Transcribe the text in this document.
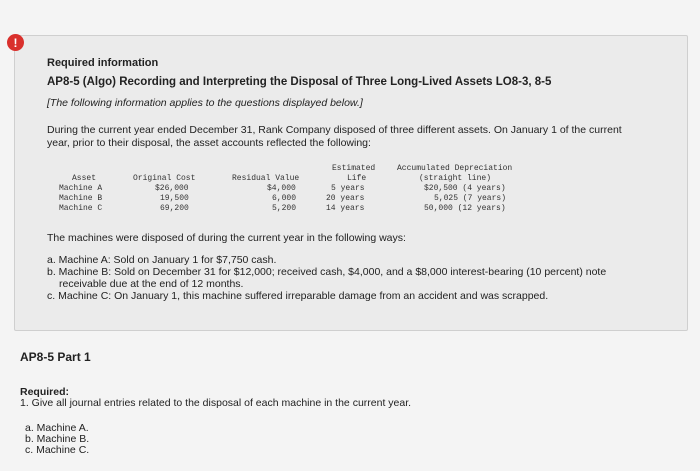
!
Required information
AP8-5 (Algo) Recording and Interpreting the Disposal of Three Long-Lived Assets LO8-3, 8-5
[The following information applies to the questions displayed below.]
During the current year ended December 31, Rank Company disposed of three different assets. On January 1 of the current year, prior to their disposal, the asset accounts reflected the following:
Estimated	Accumulated Depreciation
Asset	Original Cost	Residual Value	Life	(straight line)
Machine A	$26,000	$4,000	5 years	$20,500 (4 years)
Machine B	19,500	6,000	20 years	5,025 (7 years)
Machine C	69,200	5,200	14 years	50,000 (12 years)
The machines were disposed of during the current year in the following ways:
a. Machine A: Sold on January 1 for $7,750 cash.
b. Machine B: Sold on December 31 for $12,000; received cash, $4,000, and a $8,000 interest-bearing (10 percent) note
receivable due at the end of 12 months.
c. Machine C: On January 1, this machine suffered irreparable damage from an accident and was scrapped.
AP8-5 Part 1
Required:
1. Give all journal entries related to the disposal of each machine in the current year.
a. Machine A.
b. Machine B.
c. Machine C.
